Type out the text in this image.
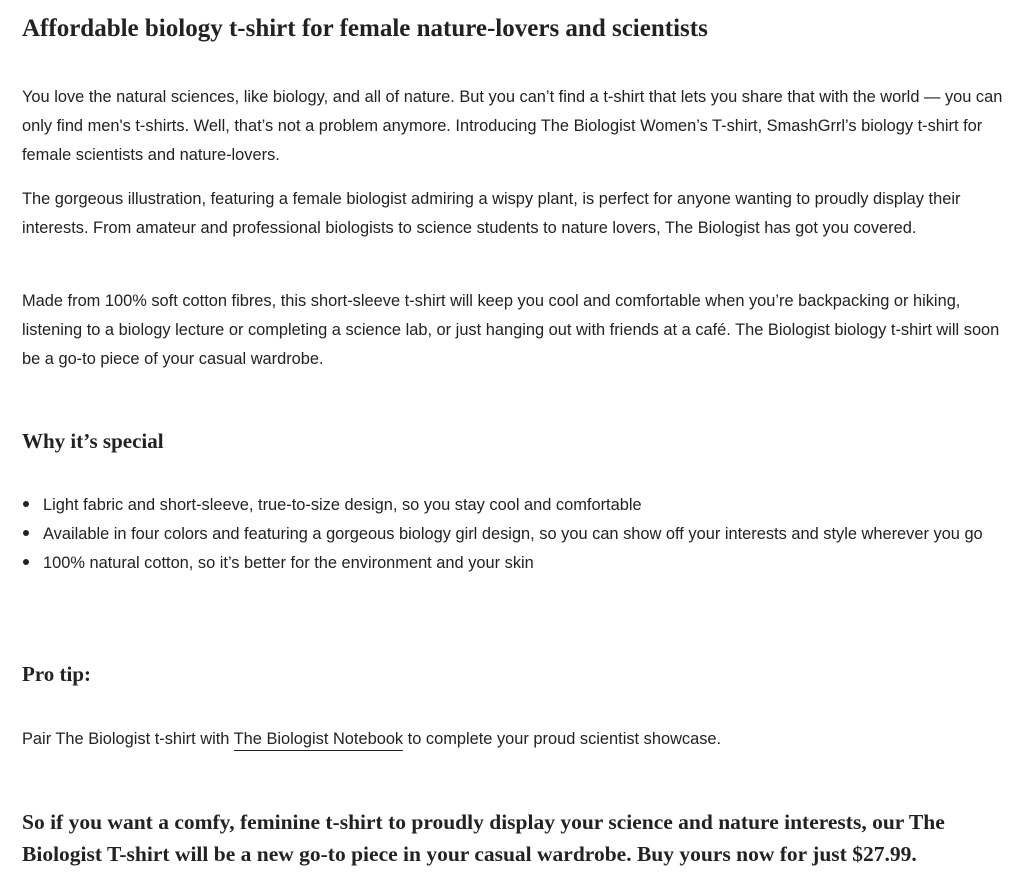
Affordable biology t-shirt for female nature-lovers and scientists

You love the natural sciences, like biology, and all of nature. But you can’t find a t-shirt that lets you share that with the world — you can only find men's t-shirts. Well, that’s not a problem anymore. Introducing The Biologist Women’s T-shirt, SmashGrrl’s biology t-shirt for female scientists and nature-lovers.

The gorgeous illustration, featuring a female biologist admiring a wispy plant, is perfect for anyone wanting to proudly display their interests. From amateur and professional biologists to science students to nature lovers, The Biologist has got you covered.

Made from 100% soft cotton fibres, this short-sleeve t-shirt will keep you cool and comfortable when you’re backpacking or hiking, listening to a biology lecture or completing a science lab, or just hanging out with friends at a café. The Biologist biology t-shirt will soon be a go-to piece of your casual wardrobe.

Why it’s special
Light fabric and short-sleeve, true-to-size design, so you stay cool and comfortable
Available in four colors and featuring a gorgeous biology girl design, so you can show off your interests and style wherever you go
100% natural cotton, so it’s better for the environment and your skin
Pro tip:

Pair The Biologist t-shirt with The Biologist Notebook to complete your proud scientist showcase.

So if you want a comfy, feminine t-shirt to proudly display your science and nature interests, our The Biologist T-shirt will be a new go-to piece in your casual wardrobe. Buy yours now for just $27.99.
